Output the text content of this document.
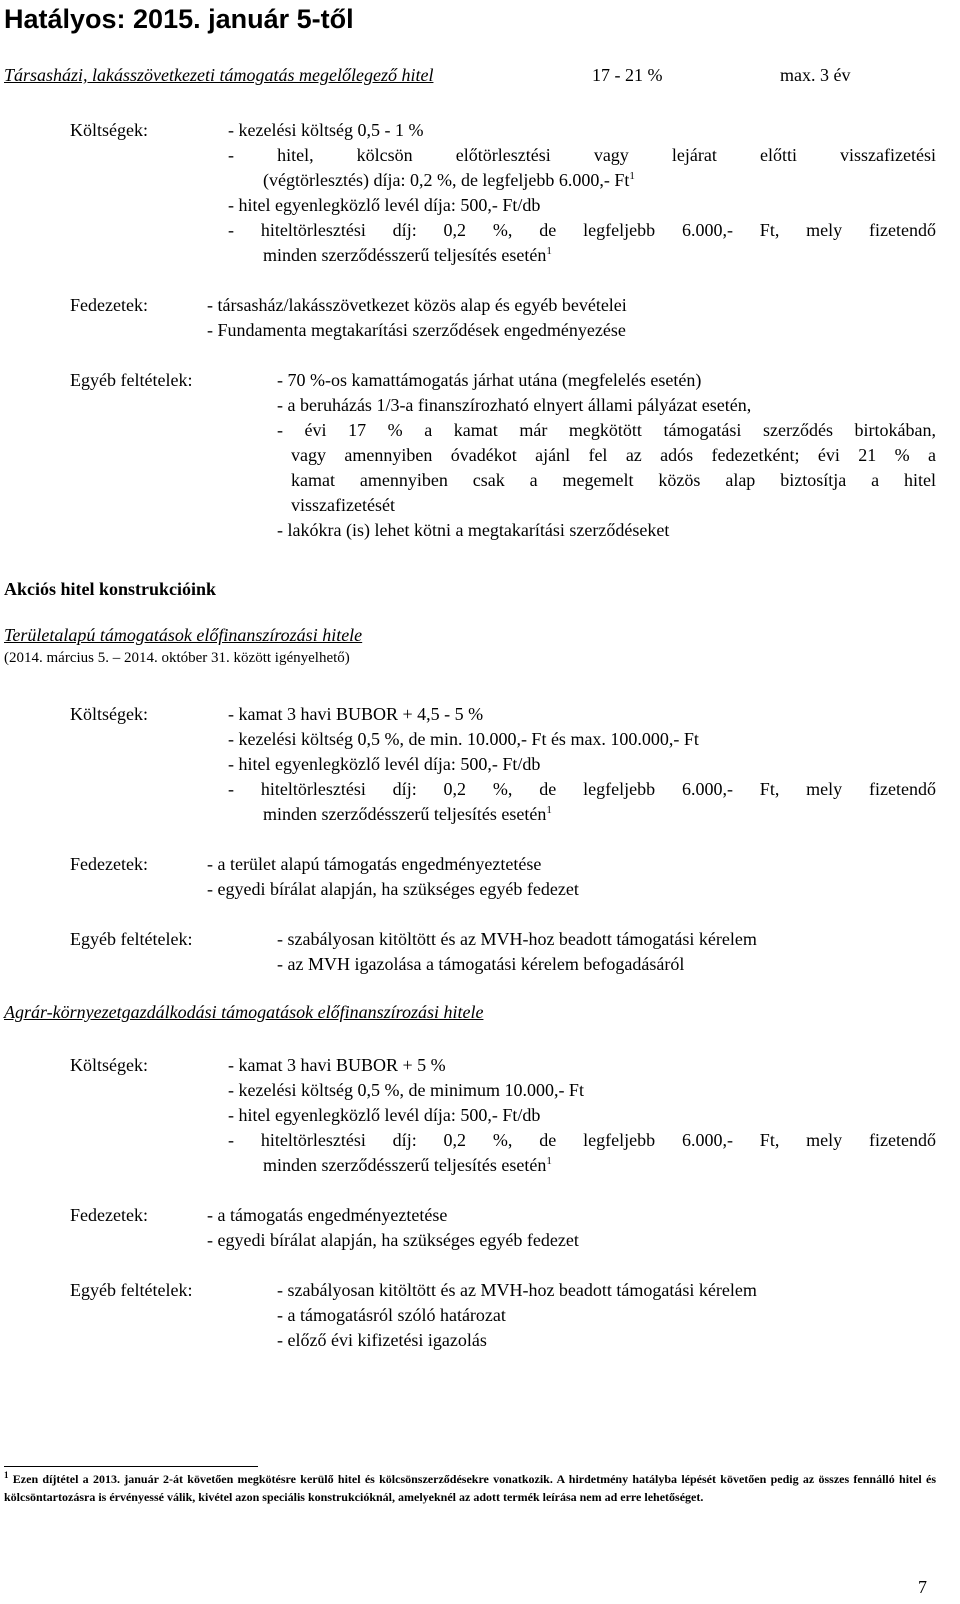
Hatályos: 2015. január 5-től
Társasházi, lakásszövetkezeti támogatás megelőlegező hitel	17 - 21 %	max. 3 év
Költségek:	- kezelési költség 0,5 - 1 %
- hitel, kölcsön előtörlesztési vagy lejárat előtti visszafizetési
(végtörlesztés) díja: 0,2 %, de legfeljebb 6.000,- Ft$^1$
- hitel egyenlegközlő levél díja: 500,- Ft/db
- hiteltörlesztési díj: 0,2 %, de legfeljebb 6.000,- Ft, mely fizetendő
minden szerződésszerű teljesítés esetén$^1$
Fedezetek:	- társasház/lakásszövetkezet közös alap és egyéb bevételei
- Fundamenta megtakarítási szerződések engedményezése
Egyéb feltételek:	- 70 %-os kamattámogatás járhat utána (megfelelés esetén)
- a beruházás 1/3-a finanszírozható elnyert állami pályázat esetén,
- évi 17 % a kamat már megkötött támogatási szerződés birtokában,
vagy amennyiben óvadékot ajánl fel az adós fedezetként; évi 21 % a
kamat amennyiben csak a megemelt közös alap biztosítja a hitel
visszafizetését
- lakókra (is) lehet kötni a megtakarítási szerződéseket
Akciós hitel konstrukcióink
Területalapú támogatások előfinanszírozási hitele
(2014. március 5. – 2014. október 31. között igényelhető)
Költségek:	- kamat 3 havi BUBOR + 4,5 - 5 %
- kezelési költség 0,5 %, de min. 10.000,- Ft és max. 100.000,- Ft
- hitel egyenlegközlő levél díja: 500,- Ft/db
- hiteltörlesztési díj: 0,2 %, de legfeljebb 6.000,- Ft, mely fizetendő
minden szerződésszerű teljesítés esetén$^1$
Fedezetek:	- a terület alapú támogatás engedményeztetése
- egyedi bírálat alapján, ha szükséges egyéb fedezet
Egyéb feltételek:	- szabályosan kitöltött és az MVH-hoz beadott támogatási kérelem
- az MVH igazolása a támogatási kérelem befogadásáról
Agrár-környezetgazdálkodási támogatások előfinanszírozási hitele
Költségek:	- kamat 3 havi BUBOR + 5 %
- kezelési költség 0,5 %, de minimum 10.000,- Ft
- hitel egyenlegközlő levél díja: 500,- Ft/db
- hiteltörlesztési díj: 0,2 %, de legfeljebb 6.000,- Ft, mely fizetendő
minden szerződésszerű teljesítés esetén$^1$
Fedezetek:	- a támogatás engedményeztetése
- egyedi bírálat alapján, ha szükséges egyéb fedezet
Egyéb feltételek:	- szabályosan kitöltött és az MVH-hoz beadott támogatási kérelem
- a támogatásról szóló határozat
- előző évi kifizetési igazolás
$^1$ Ezen díjtétel a 2013. január 2-át követően megkötésre kerülő hitel és kölcsönszerződésekre vonatkozik. A hirdetmény hatályba lépését követően pedig az összes fennálló hitel és kölcsöntartozásra is érvényessé válik, kivétel azon speciális konstrukcióknál, amelyeknél az adott termék leírása nem ad erre lehetőséget.
7
